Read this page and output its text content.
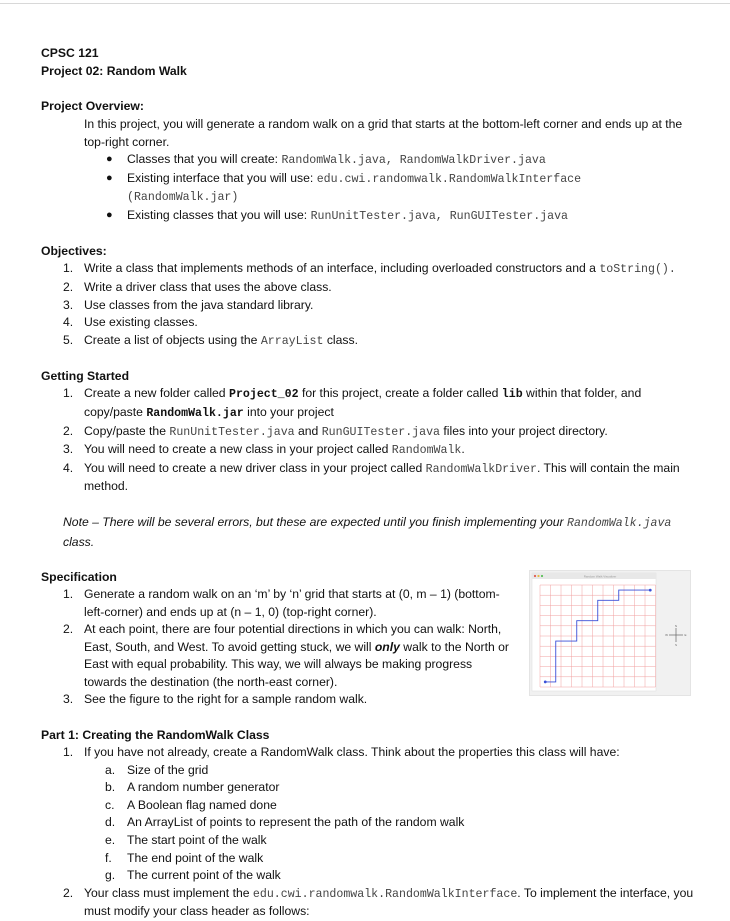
CPSC 121

Project 02: Random Walk

Project Overview:

In this project, you will generate a random walk on a grid that starts at the bottom-left corner and ends up at the top-right corner.

● Classes that you will create: RandomWalk.java, RandomWalkDriver.java
● Existing interface that you will use: edu.cwi.randomwalk.RandomWalkInterface (RandomWalk.jar)
● Existing classes that you will use: RunUnitTester.java, RunGUITester.java

Objectives:

1. Write a class that implements methods of an interface, including overloaded constructors and a toString().
2. Write a driver class that uses the above class.
3. Use classes from the java standard library.
4. Use existing classes.
5. Create a list of objects using the ArrayList class.

Getting Started

1. Create a new folder called Project_02 for this project, create a folder called lib within that folder, and copy/paste RandomWalk.jar into your project
2. Copy/paste the RunUnitTester.java and RunGUITester.java files into your project directory.
3. You will need to create a new class in your project called RandomWalk.
4. You will need to create a new driver class in your project called RandomWalkDriver. This will contain the main method.

Note – There will be several errors, but these are expected until you finish implementing your RandomWalk.java class.

Specification

1. Generate a random walk on an ‘m’ by ‘n’ grid that starts at (0, m – 1) (bottom-left-corner) and ends up at (n – 1, 0) (top-right corner).
2. At each point, there are four potential directions in which you can walk: North, East, South, and West. To avoid getting stuck, we will only walk to the North or East with equal probability. This way, we will always be making progress towards the destination (the north-east corner).
3. See the figure to the right for a sample random walk.

Part 1: Creating the RandomWalk Class

1. If you have not already, create a RandomWalk class. Think about the properties this class will have:
a. Size of the grid
b. A random number generator
c. A Boolean flag named done
d. An ArrayList of points to represent the path of the random walk
e. The start point of the walk
f. The end point of the walk
g. The current point of the walk
2. Your class must implement the edu.cwi.randomwalk.RandomWalkInterface. To implement the interface, you must modify your class header as follows:
Random Walk Visualizer
N
S
E
W
